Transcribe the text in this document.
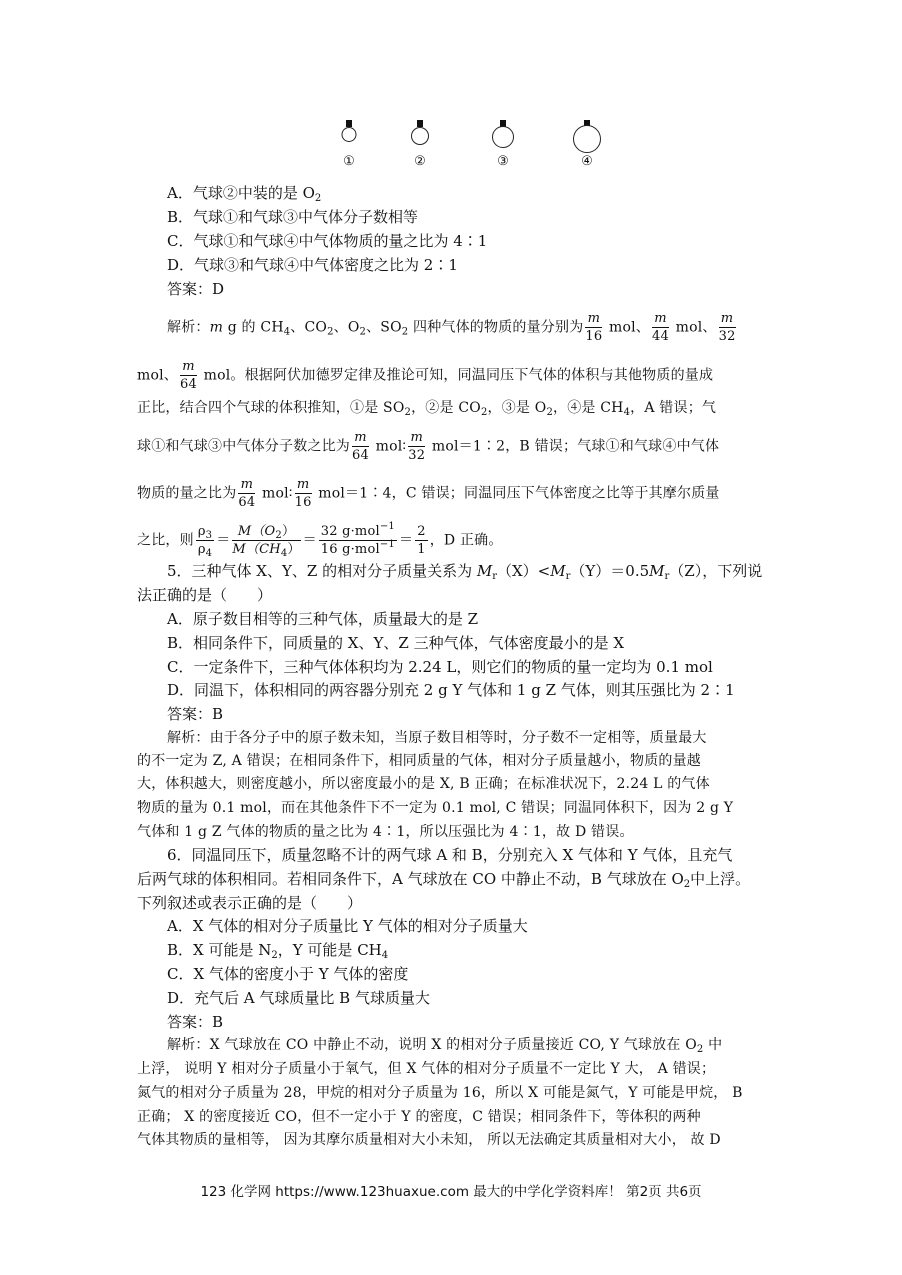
①	②	③	④
A．气球②中装的是 $O_2$
B．气球①和气球③中气体分子数相等
C．气球①和气球④中气体物质的量之比为 4∶1
D．气球③和气球④中气体密度之比为 2∶1
答案：D
解析：m g 的 $CH_4$、$CO_2$、$O_2$、$SO_2$ 四种气体的物质的量分别为 $\frac{m}{16}$ mol、 $\frac{m}{44}$ mol、 $\frac{m}{32}$
mol、 $\frac{m}{64}$ mol。根据阿伏加德罗定律及推论可知，同温同压下气体的体积与其他物质的量成
正比，结合四个气球的体积推知，①是 $SO_2$，②是 $CO_2$，③是 $O_2$，④是 $CH_4$，A 错误；气
球①和气球③中气体分子数之比为 $\frac{m}{64}$ mol∶ $\frac{m}{32}$ mol＝1∶2，B 错误；气球①和气球④中气体
物质的量之比为 $\frac{m}{64}$ mol∶ $\frac{m}{16}$ mol＝1∶4，C 错误；同温同压下气体密度之比等于其摩尔质量
之比，则 $\frac{\rho_3}{\rho_4} = \frac{M(O_2)}{M(CH_4)} = \frac{32 g\cdot mol^{-1}}{16 g\cdot mol^{-1}} = \frac{2}{1}$ ，D 正确。
5．三种气体 X、Y、Z 的相对分子质量关系为 $M_r(X)<M_r(Y)=0.5M_r(Z)$，下列说
法正确的是（　　）
A．原子数目相等的三种气体，质量最大的是 Z
B．相同条件下，同质量的 X、Y、Z 三种气体，气体密度最小的是 X
C．一定条件下，三种气体体积均为 2.24 L，则它们的物质的量一定均为 0.1 mol
D．同温下，体积相同的两容器分别充 2 g Y 气体和 1 g Z 气体，则其压强比为 2∶1
答案：B
解析：由于各分子中的原子数未知，当原子数目相等时，分子数不一定相等，质量最大
的不一定为 Z, A 错误；在相同条件下，相同质量的气体，相对分子质量越小，物质的量越
大，体积越大，则密度越小，所以密度最小的是 X, B 正确；在标准状况下，2.24 L 的气体
物质的量为 0.1 mol，而在其他条件下不一定为 0.1 mol, C 错误；同温同体积下，因为 2 g Y
气体和 1 g Z 气体的物质的量之比为 4∶1，所以压强比为 4∶1，故 D 错误。
6．同温同压下，质量忽略不计的两气球 A 和 B，分别充入 X 气体和 Y 气体，且充气
后两气球的体积相同。若相同条件下，A 气球放在 CO 中静止不动，B 气球放在 $O_2$中上浮。
下列叙述或表示正确的是（　　）
A．X 气体的相对分子质量比 Y 气体的相对分子质量大
B．X 可能是 $N_2$，Y 可能是 $CH_4$
C．X 气体的密度小于 Y 气体的密度
D．充气后 A 气球质量比 B 气球质量大
答案：B
解析：X 气球放在 CO 中静止不动，说明 X 的相对分子质量接近 CO, Y 气球放在 $O_2$ 中
上浮， 说明 Y 相对分子质量小于氧气，但 X 气体的相对分子质量不一定比 Y 大， A 错误；
氮气的相对分子质量为 28，甲烷的相对分子质量为 16，所以 X 可能是氮气，Y 可能是甲烷， B
正确； X 的密度接近 CO，但不一定小于 Y 的密度，C 错误；相同条件下，等体积的两种
气体其物质的量相等， 因为其摩尔质量相对大小未知， 所以无法确定其质量相对大小， 故 D
123 化学网 https://www.123huaxue.com 最大的中学化学资料库！ 第2页 共6页
